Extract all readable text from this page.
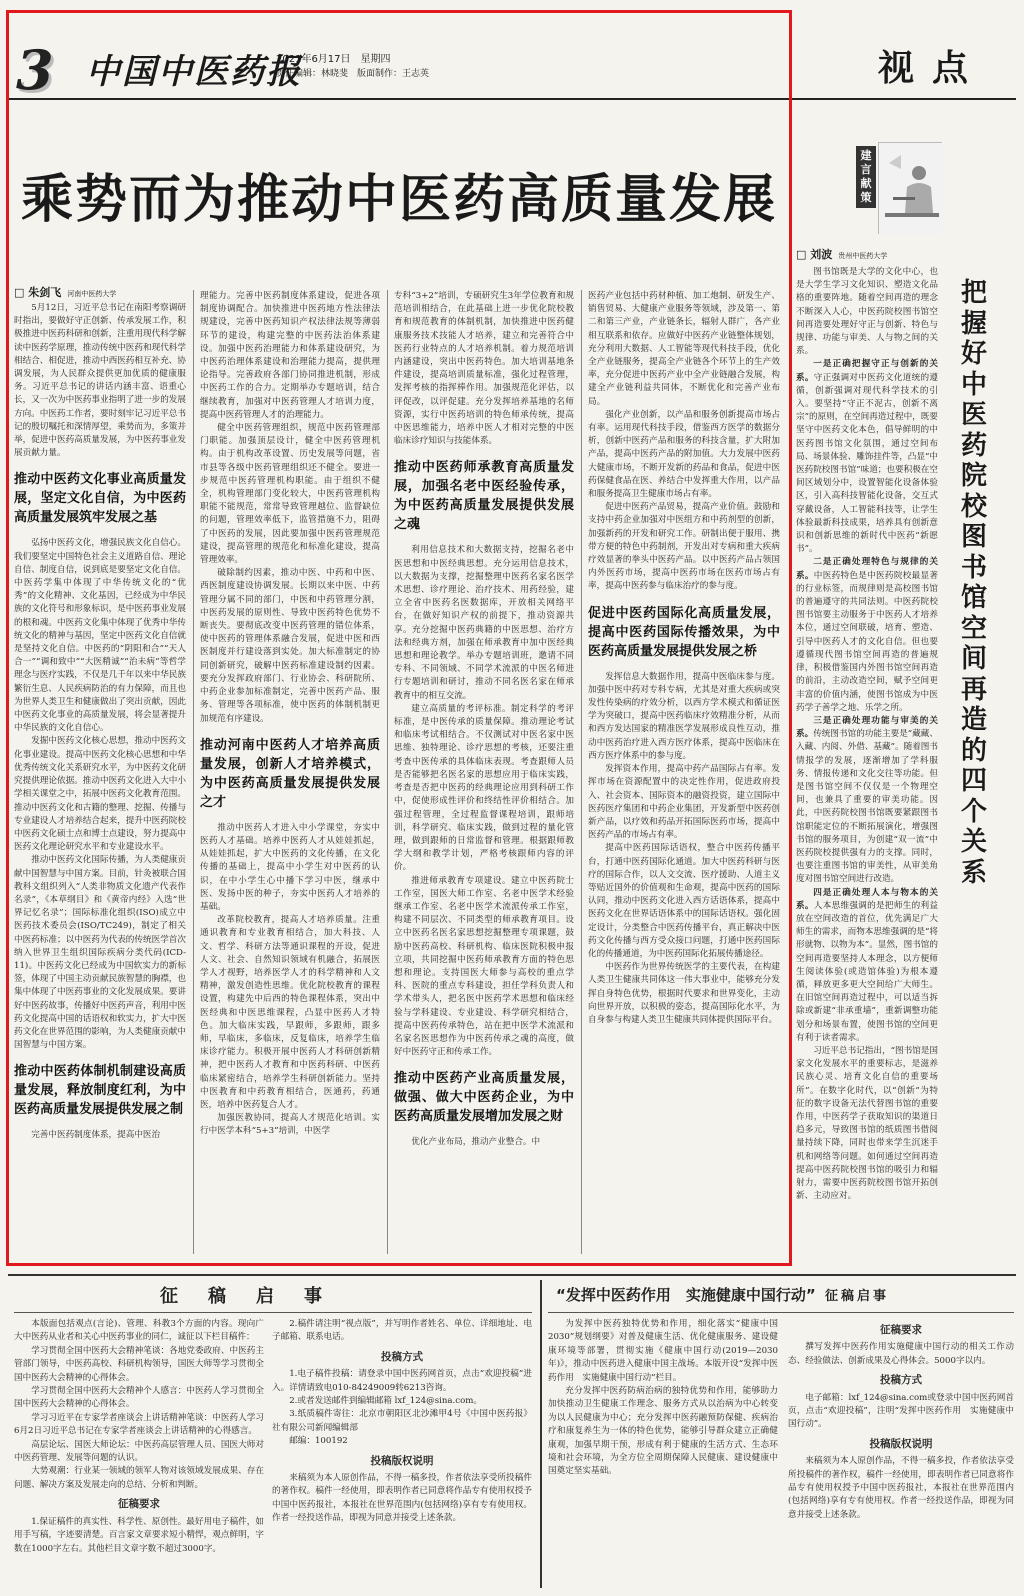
3 中国中医药报
2021年6月17日　星期四
责任编辑：林晓斐　版面制作：王志英	视点
乘势而为推动中医药高质量发展
□ 朱剑飞 河南中医药大学

5月12日，习近平总书记在南阳考察调研时指出，要做好守正创新、传承发展工作，积极推进中医药科研和创新，注重用现代科学解读中医药学原理，推动传统中医药和现代科学相结合、相促进，推动中西医药相互补充、协调发展，为人民群众提供更加优质的健康服务。习近平总书记的讲话内涵丰富、语重心长，又一次为中医药事业指明了进一步的发展方向。中医药工作者，要时刻牢记习近平总书记的殷切嘱托和深情厚望，乘势而为，多策并举，促进中医药高质量发展，为中医药事业发展贡献力量。

推动中医药文化事业高质量发展，坚定文化自信，为中医药高质量发展筑牢发展之基

弘扬中医药文化，增强民族文化自信心。我们要坚定中国特色社会主义道路自信、理论自信、制度自信，说到底是要坚定文化自信。中医药学集中体现了中华传统文化的“优秀”的文化精神、文化基因，已经成为中华民族的文化符号和形象标识，是中医药事业发展的根和魂。中医药文化集中体现了优秀中华传统文化的精神与基因，坚定中医药文化自信就是坚持文化自信。中医药的“阴阳和合”“天人合一”“调和致中”“大医精诚”“治未病”等哲学理念与医疗实践，不仅是几千年以来中华民族繁衍生息、人民疾病防治的有力保障，而且也为世界人类卫生和健康做出了突出贡献，因此中医药文化事业的高质量发展，将会显著提升中华民族的文化自信心。

发掘中医药文化核心思想，推动中医药文化事业建设。提高中医药文化核心思想和中华优秀传统文化关系研究水平，为中医药文化研究提供理论依据。推动中医药文化进入大中小学相关课堂之中，拓展中医药文化教育范围。推动中医药文化和古籍的整理、挖掘、传播与专业建设人才培养结合起来，提升中医药院校中医药文化硕士点和博士点建设，努力提高中医药文化理论研究水平和专业建设水平。

推动中医药文化国际传播，为人类健康贡献中国智慧与中国方案。目前，针灸被联合国教科文组织列入“人类非物质文化遗产代表作名录”，《本草纲目》和《黄帝内经》入选“世界记忆名录”；国际标准化组织(ISO)成立中医药技术委员会(ISO/TC249)，制定了相关中医药标准；以中医药为代表的传统医学首次纳入世界卫生组织国际疾病分类代码(ICD-11)。中医药文化已经成为中国软实力的新标签，体现了中国主动贡献民族智慧的胸襟，也集中体现了中医药事业的文化发展成果。要讲好中医药故事，传播好中医药声音，利用中医药文化提高中国的话语权和软实力，扩大中医药文化在世界范围的影响，为人类健康贡献中国智慧与中国方案。

推动中医药体制机制建设高质量发展，释放制度红利，为中医药高质量发展提供发展之制

完善中医药制度体系，提高中医治

理能力。完善中医药制度体系建设，促进各项制度协调配合。加快推进中医药地方性法律法规建设，完善中医药知识产权法律法规等薄弱环节的建设，构建完整的中医药法治体系建设。加强中医药治理能力和体系建设研究，为中医药治理体系建设和治理能力提高，提供理论指导。完善政府各部门协同推进机制，形成中医药工作的合力。定期举办专题培训，结合继续教育，加强对中医药管理人才培训力度，提高中医药管理人才的治理能力。

健全中医药管理组织，规范中医药管理部门职能。加强顶层设计，健全中医药管理机构。由于机构改革设置、历史发展等问题，省市县等各级中医药管理组织还不健全。要进一步规范中医药管理机构职能。由于组织不健全，机构管理部门变化较大，中医药管理机构职能不能规范，常常导致管理越位、监督缺位的问题，管理效率低下，监管措施不力，阻碍了中医药的发展，因此要加强中医药管理规范建设，提高管理的规范化和标准化建设，提高管理效率。

破除制约因素，推动中医、中药和中医、西医制度建设协调发展。长期以来中医、中药管理分属不同的部门，中医和中药管理分割，中医药发展的原则性、导致中医药特色优势不断丧失。要彻底改变中医药管理的错位体系，使中医药的管理体系融合发展，促进中医和西医制度并行建设落到实处。加大标准制定的协同创新研究，破解中医药标准建设制约因素。要充分发挥政府部门、行业协会、科研院所、中药企业参加标准制定，完善中医药产品、服务、管理等各项标准，使中医药的体制机制更加规范有序建设。

推动河南中医药人才培养高质量发展，创新人才培养模式，为中医药高质量发展提供发展之才

推动中医药人才进入中小学课堂，夯实中医药人才基础。培养中医药人才从娃娃抓起，从娃娃抓起，扩大中医药的文化传播，在文化传播的基础上，提高中小学生对中医药的认识，在中小学生心中播下学习中医，继承中医、发扬中医的种子，夯实中医药人才培养的基础。

改革院校教育，提高人才培养质量。注重通识教育和专业教育相结合，加大科技、人文、哲学、科研方法等通识课程的开设，促进人文、社会、自然知识领域有机融合，拓展医学人才视野，培养医学人才的科学精神和人文精神，激发创造性思维。优化院校教育的课程设置，构建先中后西的特色课程体系，突出中医经典和中医思维课程，凸显中医药人才特色。加大临床实践，早跟师，多跟师，跟多师，早临床，多临床，反复临床，培养学生临床诊疗能力。积极开展中医药人才科研创新精神，把中医药人才教育和中医药科研、中医药临床紧密结合，培养学生科研创新能力。坚持中医教育和中药教育相结合，医通药，药通医，培养中医药复合人才。

加强医教协同，提高人才规范化培训。实行中医学本科“5+3”培训，中医学

专科“3+2”培训，专硕研究生3年学位教育和规范培训相结合，在此基础上进一步优化院校教育和规范教育的体制机制，加快推进中医药健康服务技术技能人才培养，建立和完善符合中医药行业特点的人才培养机制。着力规范培训内涵建设，突出中医药特色。加大培训基地条件建设，提高培训质量标准，强化过程管理，发挥考核的指挥棒作用。加强规范化评估，以评促改，以评促建。充分发挥培养基地的名师资源，实行中医药培训的特色师承传统，提高中医思维能力，培养中医人才相对完整的中医临床诊疗知识与技能体系。

推动中医药师承教育高质量发展，加强名老中医经验传承，为中医药高质量发展提供发展之魂

利用信息技术和大数据支持，挖掘名老中医思想和中医经典思想。充分运用信息技术，以大数据为支撑，挖掘整理中医药名家名医学术思想、诊疗理论、治疗技术、用药经验，建立全省中医药名医数据库，开放相关网络平台，在做好知识产权的前提下，推动资源共享。充分挖掘中医药典籍的中医思想、治疗方法和经典方剂，加强在师承教育中加中医经典思想和理论教学。举办专题培训班，邀请不同专科、不同领域、不同学术流派的中医名师进行专题培训和研讨，推动不同名医名家在师承教育中的相互交流。

建立高质量的考评标准。制定科学的考评标准，是中医传承的质量保障。推动理论考试和临床考试相结合。不仅测试对中医名家中医思维、独特理论、诊疗思想的考核，还要注重考查中医传承的具体临床表现。考查跟师人员是否能够把名医名家的思想应用于临床实践，考查是否把中医药的经典理论应用到科研工作中，促使形成性评价和终结性评价相结合。加强过程管理，全过程监督课程培训，跟师培训，科学研究、临床实践，做到过程的量化管理，做到跟师的日常监督和管理。根据跟师教学大纲和教学计划，严格考核跟师内容的评价。

推进师承教育专项建设。建立中医药院士工作室，国医大师工作室、名老中医学术经验继承工作室、名老中医学术流派传承工作室，构建不同层次、不同类型的师承教育项目。设立中医药名医名家思想挖掘整理专项课题，鼓励中医药高校、科研机构、临床医院积极申报立项，共同挖掘中医药师承教育方面的特色思想和理论。支持国医大师参与高校的重点学科、医院的重点专科建设，担任学科负责人和学术带头人，把名医中医药学术思想和临床经验与学科建设、专业建设、科学研究相结合，提高中医药传承特色，站在把中医学术流派和名家名医思想作为中医药传承之魂的高度，做好中医药守正和传承工作。

推动中医药产业高质量发展，做强、做大中医药企业，为中医药高质量发展增加发展之财

优化产业布局，推动产业整合。中

医药产业包括中药材种植、加工炮制、研发生产、销售贸易、大健康产业服务等领域，涉及第一、第二和第三产业，产业链条长，辐射人群广，各产业相互联系和依存。应做好中医药产业链整体规划，充分利用大数据、人工智能等现代科技手段，优化全产业链服务，提高全产业链各个环节上的生产效率，充分促进中医药产业中全产业链融合发展，构建全产业链利益共同体，不断优化和完善产业布局。

强化产业创新，以产品和服务创新提高市场占有率。运用现代科技手段，借鉴西方医学的数据分析，创新中医药产品和服务的科技含量，扩大附加产品，提高中医药产品的附加值。大力发展中医药大健康市场，不断开发新的药品和食品，促进中医药保健食品在医、养结合中发挥重大作用，以产品和服务提高卫生健康市场占有率。

促进中医药产品贸易，提高产业价值。鼓励和支持中药企业加强对中医组方和中药剂型的创新，加强新药的开发和研究工作。研制出便于服用、携带方便的特色中药制剂，开发出对专病和重大疾病疗效显著的拳头中医药产品。以中医药产品占领国内外医药市场，提高中医药市场在医药市场占有率，提高中医药参与临床治疗的参与度。

促进中医药国际化高质量发展，提高中医药国际传播效果，为中医药高质量发展提供发展之桥

发挥信息大数据作用，提高中医临床参与度。加强中医中药对专科专病，尤其是对重大疾病或突发性传染病的疗效分析，以西方学术模式和循证医学为突破口，提高中医药临床疗效精准分析，从而和西方发达国家的精准医学发展形成良性互动，推动中医药治疗进入西方医疗体系，提高中医临床在西方医疗体系中的参与度。

发挥资本作用，提高中药产品国际占有率。发挥市场在资源配置中的决定性作用，促进政府投入、社会资本、国际资本的融资投资，建立国际中医药医疗集团和中药企业集团，开发新型中医药创新产品，以疗效和药品开拓国际医药市场，提高中医药产品的市场占有率。

提高中医药国际话语权，整合中医药传播平台，打通中医药国际化通道。加大中医药科研与医疗的国际合作，以人文交流、医疗援助、人道主义等贴近国外的价值观和生命观，提高中医药的国际认同，推动中医药文化进入西方话语体系，提高中医药文化在世界话语体系中的国际话语权。强化固定设计，分类整合中医药传播平台，真正解决中医药文化传播与西方受众接口问题，打通中医药国际化的传播通道，为中医药国际化拓展传播途径。

中医药作为世界传统医学的主要代表，在构建人类卫生健康共同体这一伟大事业中，能够充分发挥自身特色优势，根据时代要求和世界变化，主动向世界开放，以积极的姿态，提高国际化水平，为自身参与构建人类卫生健康共同体提供国际平台。

建言献策
□ 刘波 贵州中医药大学
把
握
好
中
医
药
院
校
图
书
馆
空
间
再
造
的
四
个
关
系

图书馆既是大学的文化中心，也是大学生学习文化知识、塑造文化品格的重要阵地。随着空间再造的理念不断深入人心，中医药院校图书馆空间再造要处理好守正与创新、特色与规律、功能与审美、人与物之间的关系。

一是正确把握守正与创新的关系。守正强调对中医药文化道统的遵循，创新强调对现代科学技术的引入。要坚持“守正不泥古，创新不离宗”的原则，在空间再造过程中，既要坚守中医药文化本色，倡导鲜明的中医药图书馆文化氛围，通过空间布局、场景体验、雕饰挂件等，凸显“中医药院校图书馆”味道；也要积极在空间区域划分中，设置智能化设备体验区，引入高科技智能化设备，交互式穿戴设备，人工智能科技等，让学生体验最新科技成果，培养具有创新意识和创新思维的新时代中医药“新愿书”。

二是正确处理特色与规律的关系。中医药特色是中医药院校最显著的行业标签，而规律则是高校图书馆的普遍遵守的共同法则。中医药院校图书馆要主动服务于中医药人才培养本位，通过空间联破，培育、塑造、引导中医药人才的文化自信。但也要遵循现代图书馆空间再造的普遍规律，积极借鉴国内外图书馆空间再造的前沿，主动改造空间，赋予空间更丰富的价值内涵，使图书馆成为中医药学子善学之地、乐学之所。

三是正确处理功能与审美的关系。传统图书馆的功能主要是“藏藏、入藏、内阅、外借、基藏”。随着图书情报学的发展，逐渐增加了学科服务、情报传递和文化交往等功能。但是图书馆空间不仅仅是一个物理空间，也兼具了重要的审美功能。因此，中医药院校图书馆既要紧跟图书馆职能定位的不断拓展演化，增强图书馆的服务项目，为创建“双一流”中医药院校提供强有力的支撑。同时，也要注重图书馆的审美性，从审美角度对图书馆空间进行改造。

四是正确处理人本与物本的关系。人本思维强调的是把师生的利益放在空间改造的首位，优先满足广大师生的需求，而物本思维强调的是“将形就物、以物为本”。显然，图书馆的空间再造要坚持人本理念，以方便师生阅读体验(或造馆体验)为根本遵循，释放更多更大空间给广大师生。在旧馆空间再造过程中，可以适当拆除或新建“非承重墙”，重新调整功能划分和场景布置，使图书馆的空间更有利于读者需求。

习近平总书记指出，“图书馆是国家文化发展水平的重要标志，是滋养民族心灵、培育文化自信的重要场所”。在数字化时代，以“创新”为特征的数字设备无法代替图书馆的重要作用，中医药学子获取知识的渠道日趋多元，导致图书馆的纸质图书借阅量持续下降，同时也带来学生沉迷手机和网络等问题。如何通过空间再造提高中医药院校图书馆的吸引力和辐射力，需要中医药院校图书馆开拓创新、主动应对。

征　稿　启　事

本版面包括观点(言论)、管理、科教3个方面的内容。现向广大中医药从业者和关心中医药事业的同仁，诚征以下栏目稿件：

学习贯彻全国中医药大会精神笔谈：各地党委政府、中医药主管部门领导，中医药高校、科研机构领导，国医大师等学习贯彻全国中医药大会精神的心得体会。

学习贯彻全国中医药大会精神个人感言：中医药人学习贯彻全国中医药大会精神的心得体会。

学习习近平在专家学者座谈会上讲话精神笔谈：中医药人学习6月2日习近平总书记在专家学者座谈会上讲话精神的心得感言。

高层论坛、国医大师论坛：中医药高层管理人员、国医大师对中医药管理、发展等问题的认识。

大势观潮：行业某一领域的领军人物对该领域发展成果、存在问题、解决方案及发展走向的总结、分析和判断。

征稿要求

1.保证稿件的真实性、科学性、原创性。最好用电子稿件，如用手写稿，字迹要清楚。百言家文章要求短小精悍，观点鲜明，字数在1000字左右。其他栏目文章字数不超过3000字。

2.稿件请注明“视点版”，并写明作者姓名、单位、详细地址、电子邮箱、联系电话。

投稿方式

1.电子稿件投稿：请登录中国中医药网首页，点击“欢迎投稿”进入。详情请致电010-84249009转6213咨询。

2.或者发送邮件到编辑邮箱 lxf_124@sina.com。

3.纸质稿件寄往：北京市朝阳区北沙滩甲4号《中国中医药报》社有限公司新闻编辑部

邮编：100192

投稿版权说明

来稿须为本人原创作品，不得一稿多投，作者依法享受所投稿件的著作权。稿件一经使用，即表明作者已同意将作品专有使用权授予中国中医药报社，本报社在世界范围内(包括网络)享有专有使用权。作者一经投送作品，即视为同意并接受上述条款。

“发挥中医药作用　实施健康中国行动” 征稿启事

为发挥中医药独特优势和作用，细化落实“健康中国2030”规划纲要》对普及健康生活、优化健康服务、建设健康环境等部署，贯彻实施《健康中国行动(2019—2030年)》，推动中医药进入健康中国主战场。本版开设“发挥中医药作用　实施健康中国行动”栏目。

充分发挥中医药防病治病的独特优势和作用，能够助力加快推动卫生健康工作理念、服务方式从以治病为中心转变为以人民健康为中心；充分发挥中医药融预防保健、疾病治疗和康复养生为一体的特色优势，能够引导群众建立正确健康观，加强早期干预，形成有利于健康的生活方式、生态环境和社会环境，为全方位全周期保障人民健康、建设健康中国奠定坚实基础。

征稿要求

撰写发挥中医药作用实施健康中国行动的相关工作动态、经验做法、创新成果及心得体会。5000字以内。

投稿方式

电子邮箱：lxf_124@sina.com或登录中国中医药网首页，点击“欢迎投稿”，注明“发挥中医药作用　实施健康中国行动”。

投稿版权说明

来稿须为本人原创作品，不得一稿多投，作者依法享受所投稿件的著作权，稿件一经使用，即表明作者已同意将作品专有使用权授予中国中医药报社，本报社在世界范围内(包括网络)享有专有使用权。作者一经投送作品，即视为同意并接受上述条款。
